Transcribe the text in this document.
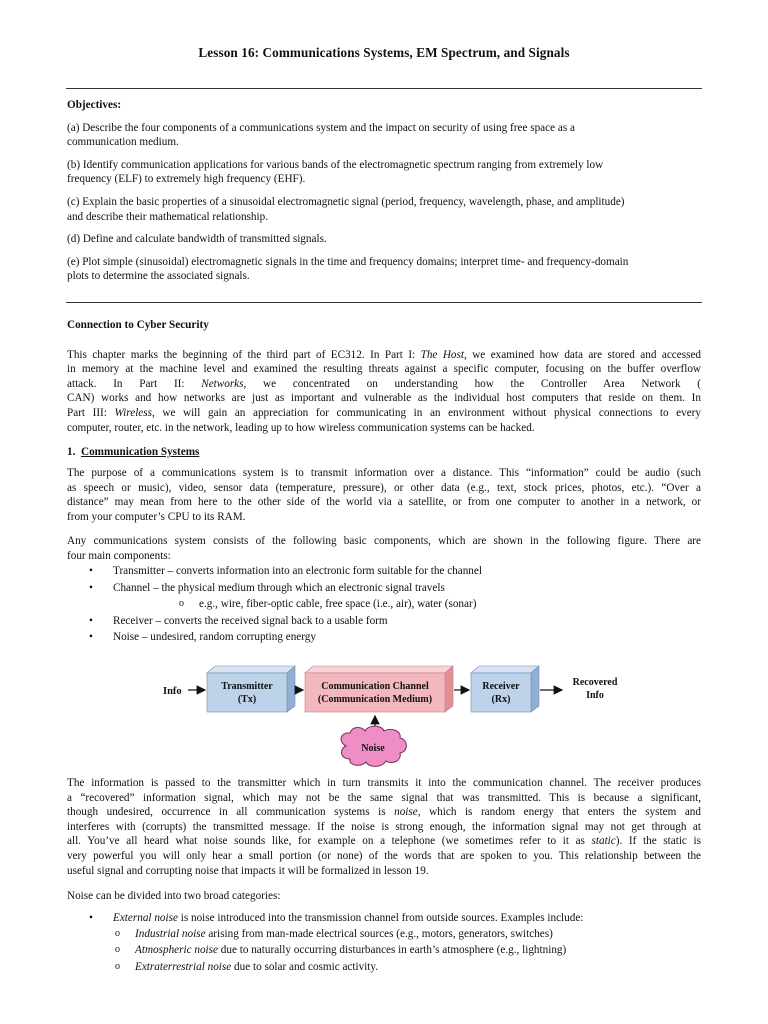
Lesson 16: Communications Systems, EM Spectrum, and Signals

Objectives:

(a) Describe the four components of a communications system and the impact on security of using free space as a

communication medium.

(b) Identify communication applications for various bands of the electromagnetic spectrum ranging from extremely low

frequency (ELF) to extremely high frequency (EHF).

(c) Explain the basic properties of a sinusoidal electromagnetic signal (period, frequency, wavelength, phase, and amplitude)

and describe their mathematical relationship.

(d) Define and calculate bandwidth of transmitted signals.

(e) Plot simple (sinusoidal) electromagnetic signals in the time and frequency domains; interpret time- and frequency-domain

plots to determine the associated signals.

Connection to Cyber Security

This chapter marks the beginning of the third part of EC312. In Part I: The Host, we examined how data are stored and accessed

in memory at the machine level and examined the resulting threats against a specific computer, focusing on the buffer overflow

attack. In Part II: Networks, we concentrated on understanding how the Controller Area Network (

CAN) works and how networks are just as important and vulnerable as the individual host computers that reside on them. In

Part III: Wireless, we will gain an appreciation for communicating in an environment without physical connections to every

computer, router, etc. in the network, leading up to how wireless communication systems can be hacked.

1. Communication Systems

The purpose of a communications system is to transmit information over a distance. This “information” could be audio (such

as speech or music), video, sensor data (temperature, pressure), or other data (e.g., text, stock prices, photos, etc.). “Over a

distance” may mean from here to the other side of the world via a satellite, or from one computer to another in a network, or

from your computer’s CPU to its RAM.

Any communications system consists of the following basic components, which are shown in the following figure. There are

four main components:

• Transmitter – converts information into an electronic form suitable for the channel
• Channel – the physical medium through which an electronic signal travels
o e.g., wire, fiber-optic cable, free space (i.e., air), water (sonar)
• Receiver – converts the received signal back to a usable form
• Noise – undesired, random corrupting energy
Info	Transmitter
(Tx)
Communication Channel
(Communication Medium)
Receiver
(Rx)
Recovered
Info
Noise

The information is passed to the transmitter which in turn transmits it into the communication channel. The receiver produces

a “recovered” information signal, which may not be the same signal that was transmitted. This is because a significant,

though undesired, occurrence in all communication systems is noise, which is random energy that enters the system and

interferes with (corrupts) the transmitted message. If the noise is strong enough, the information signal may not get through at

all. You’ve all heard what noise sounds like, for example on a telephone (we sometimes refer to it as static). If the static is

very powerful you will only hear a small portion (or none) of the words that are spoken to you. This relationship between the

useful signal and corrupting noise that impacts it will be formalized in lesson 19.

Noise can be divided into two broad categories:

• External noise is noise introduced into the transmission channel from outside sources. Examples include:
o Industrial noise arising from man-made electrical sources (e.g., motors, generators, switches)
o Atmospheric noise due to naturally occurring disturbances in earth’s atmosphere (e.g., lightning)
o Extraterrestrial noise due to solar and cosmic activity.
